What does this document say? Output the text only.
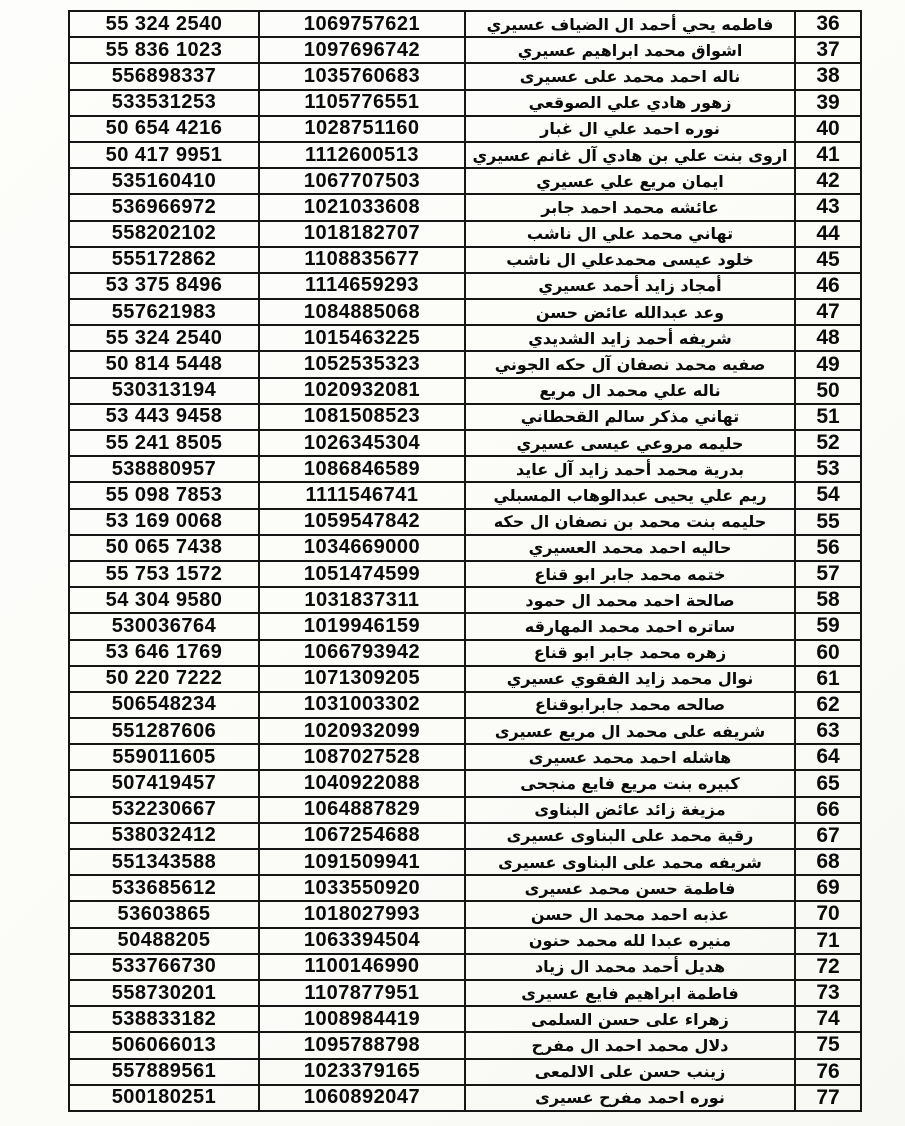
55 324 2540	1069757621	فاطمه يحي أحمد ال الضياف عسيري	36
55 836 1023	1097696742	اشواق محمد ابراهيم عسيري	37
556898337	1035760683	ناله احمد محمد على عسيرى	38
533531253	1105776551	زهور هادي علي الصوقعي	39
50 654 4216	1028751160	نوره احمد علي ال غبار	40
50 417 9951	1112600513	اروى بنت علي بن هادي آل غانم عسيري	41
535160410	1067707503	ايمان مريع علي عسيري	42
536966972	1021033608	عائشه محمد احمد جابر	43
558202102	1018182707	تهاني محمد علي ال ناشب	44
555172862	1108835677	خلود عيسى محمدعلي ال ناشب	45
53 375 8496	1114659293	أمجاد زايد أحمد عسيري	46
557621983	1084885068	وعد عبدالله عائض حسن	47
55 324 2540	1015463225	شريفه أحمد زايد الشديدي	48
50 814 5448	1052535323	صفيه محمد نصفان آل حكه الجوني	49
530313194	1020932081	ناله علي محمد ال مريع	50
53 443 9458	1081508523	تهاني مذكر سالم القحطاني	51
55 241 8505	1026345304	حليمه مروعي عيسى عسيري	52
538880957	1086846589	بدرية محمد أحمد زايد آل عايد	53
55 098 7853	1111546741	ريم علي يحيى عبدالوهاب المسبلي	54
53 169 0068	1059547842	حليمه بنت محمد بن نصفان ال حكه	55
50 065 7438	1034669000	حاليه احمد محمد العسيري	56
55 753 1572	1051474599	ختمه محمد جابر ابو قناع	57
54 304 9580	1031837311	صالحة احمد محمد ال حمود	58
530036764	1019946159	ساتره احمد محمد المهارقه	59
53 646 1769	1066793942	زهره محمد جابر ابو قناع	60
50 220 7222	1071309205	نوال محمد زايد الفقوي عسيري	61
506548234	1031003302	صالحه محمد جابرابوقناع	62
551287606	1020932099	شريفه على محمد ال مريع عسيرى	63
559011605	1087027528	هاشله احمد محمد عسيرى	64
507419457	1040922088	كبيره بنت مريع فايع منجحى	65
532230667	1064887829	مزيغة زائد عائض البناوى	66
538032412	1067254688	رقية محمد على البناوى عسيرى	67
551343588	1091509941	شريفه محمد على البناوى عسيرى	68
533685612	1033550920	فاطمة حسن محمد عسيرى	69
53603865	1018027993	عذبه احمد محمد ال حسن	70
50488205	1063394504	منيره عبدا لله محمد حنون	71
533766730	1100146990	هديل أحمد محمد ال زياد	72
558730201	1107877951	فاطمة ابراهيم فايع عسيرى	73
538833182	1008984419	زهراء على حسن السلمى	74
506066013	1095788798	دلال محمد احمد ال مفرح	75
557889561	1023379165	زينب حسن على الالمعى	76
500180251	1060892047	نوره احمد مفرح عسيرى	77
